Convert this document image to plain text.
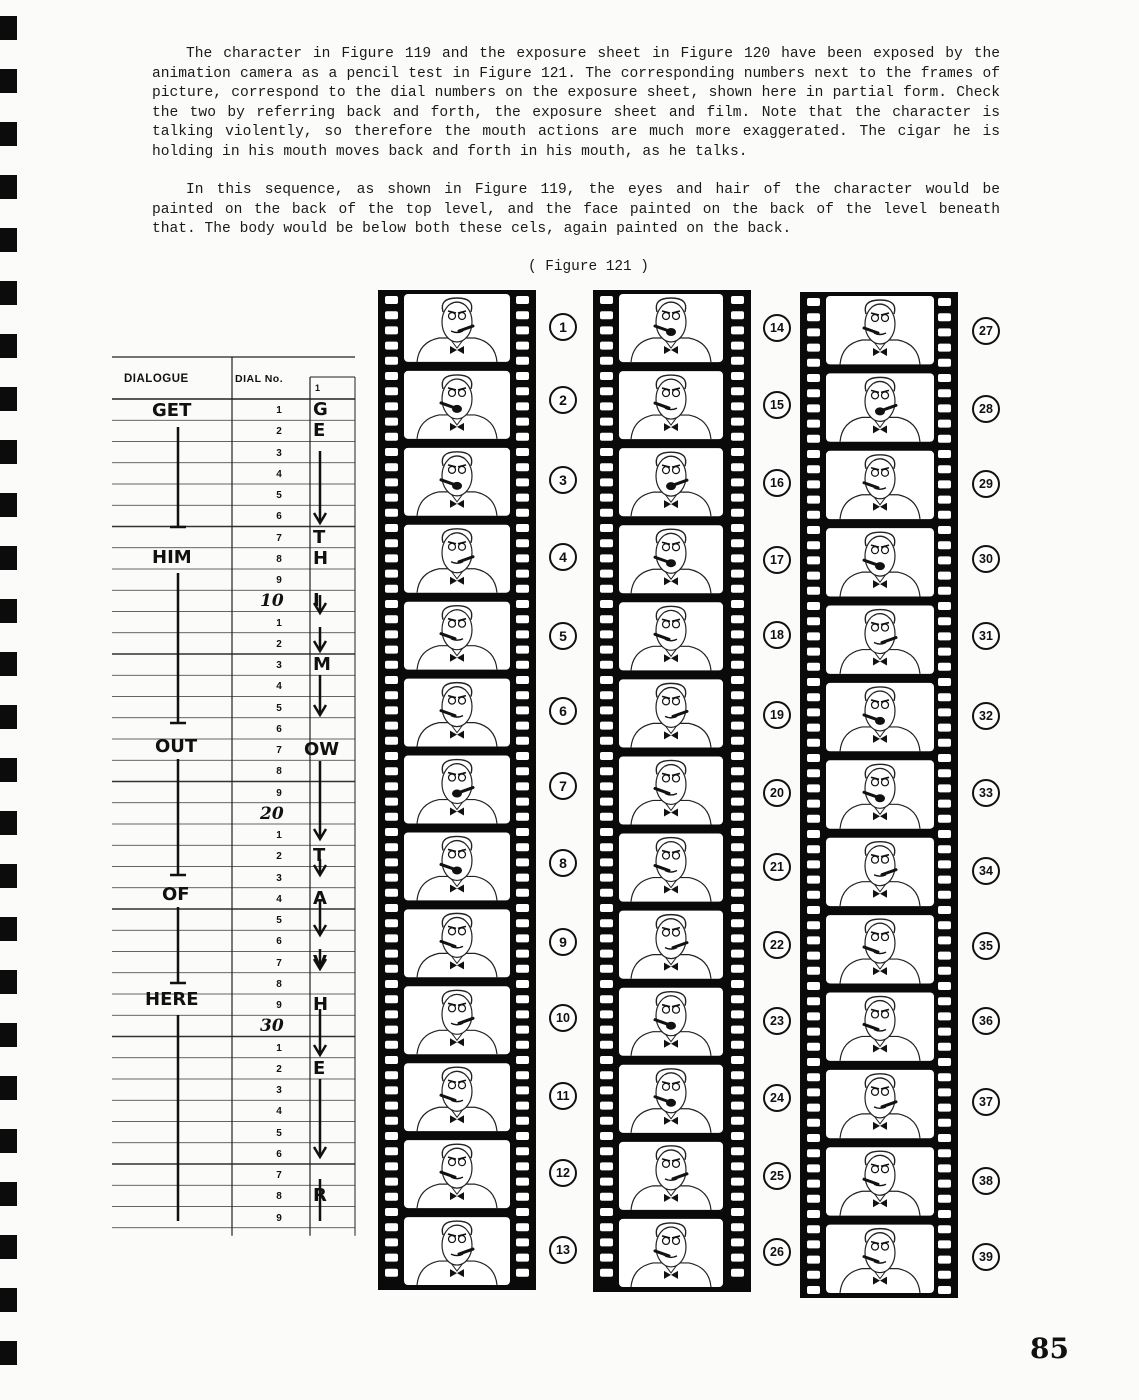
The character in Figure 119 and the exposure sheet in Figure 120 have been exposed by the animation camera as a pencil test in Figure 121. The corresponding numbers next to the frames of picture, correspond to the dial numbers on the exposure sheet, shown here in partial form. Check the two by referring back and forth, the exposure sheet and film. Note that the character is talking violently, so therefore the mouth actions are much more exaggerated. The cigar he is holding in his mouth moves back and forth in his mouth, as he talks.

In this sequence, as shown in Figure 119, the eyes and hair of the character would be painted on the back of the top level, and the face painted on the back of the level beneath that. The body would be below both these cels, again painted on the back.

( Figure 121 )
DIALOGUE	DIAL No.
1
GET
HIM
OUT
OF
HERE
1
2
3
4
5
6
7
8
9
10
1
2
3
4
5
6
7
8
9
20
1
2
3
4
5
6
7
8
9
30
1
2
3
4
5
6
7
8
9
G
E
T
H
I
M
OW
T
A
V
H
E
R
1
2
3
4
5
6
7
8
9
10
11
12
13
14
15
16
17
18
19
20
21
22
23
24
25
26
27
28
29
30
31
32
33
34
35
36
37
38
39
85
